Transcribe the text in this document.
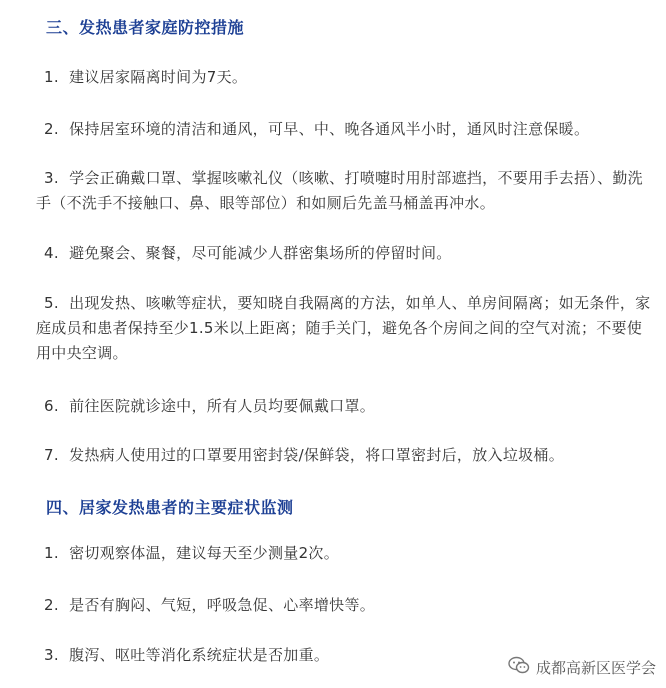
三、发热患者家庭防控措施
1. 建议居家隔离时间为7天。
2. 保持居室环境的清洁和通风，可早、中、晚各通风半小时，通风时注意保暖。
3. 学会正确戴口罩、掌握咳嗽礼仪（咳嗽、打喷嚏时用肘部遮挡，不要用手去捂）、勤洗手（不洗手不接触口、鼻、眼等部位）和如厕后先盖马桶盖再冲水。
4. 避免聚会、聚餐，尽可能减少人群密集场所的停留时间。
5. 出现发热、咳嗽等症状，要知晓自我隔离的方法，如单人、单房间隔离；如无条件，家庭成员和患者保持至少1.5米以上距离；随手关门，避免各个房间之间的空气对流；不要使用中央空调。
6. 前往医院就诊途中，所有人员均要佩戴口罩。
7. 发热病人使用过的口罩要用密封袋/保鲜袋，将口罩密封后，放入垃圾桶。
四、居家发热患者的主要症状监测
1. 密切观察体温，建议每天至少测量2次。
2. 是否有胸闷、气短，呼吸急促、心率增快等。
3. 腹泻、呕吐等消化系统症状是否加重。
成都高新区医学会
